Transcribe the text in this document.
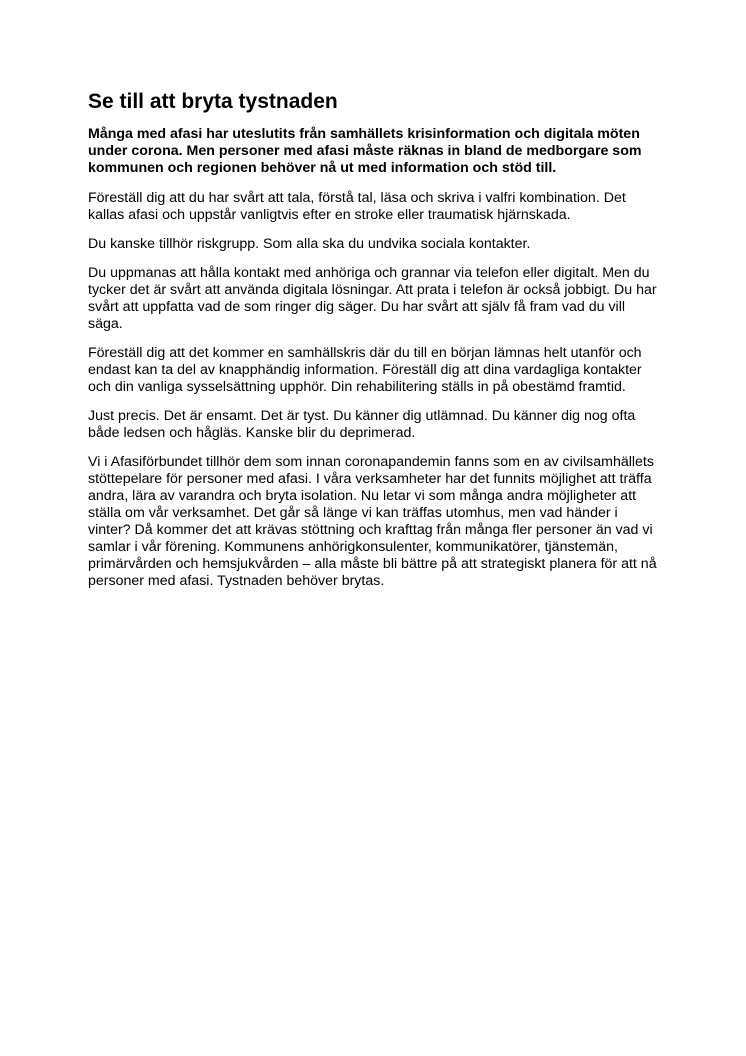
Se till att bryta tystnaden

Många med afasi har uteslutits från samhällets krisinformation och digitala möten under corona. Men personer med afasi måste räknas in bland de medborgare som kommunen och regionen behöver nå ut med information och stöd till.

Föreställ dig att du har svårt att tala, förstå tal, läsa och skriva i valfri kombination. Det kallas afasi och uppstår vanligtvis efter en stroke eller traumatisk hjärnskada.

Du kanske tillhör riskgrupp. Som alla ska du undvika sociala kontakter.

Du uppmanas att hålla kontakt med anhöriga och grannar via telefon eller digitalt. Men du tycker det är svårt att använda digitala lösningar. Att prata i telefon är också jobbigt. Du har svårt att uppfatta vad de som ringer dig säger. Du har svårt att själv få fram vad du vill säga.

Föreställ dig att det kommer en samhällskris där du till en början lämnas helt utanför och endast kan ta del av knapphändig information. Föreställ dig att dina vardagliga kontakter och din vanliga sysselsättning upphör. Din rehabilitering ställs in på obestämd framtid.

Just precis. Det är ensamt. Det är tyst. Du känner dig utlämnad. Du känner dig nog ofta både ledsen och hågläs. Kanske blir du deprimerad.

Vi i Afasiförbundet tillhör dem som innan coronapandemin fanns som en av civilsamhällets stöttepelare för personer med afasi. I våra verksamheter har det funnits möjlighet att träffa andra, lära av varandra och bryta isolation. Nu letar vi som många andra möjligheter att ställa om vår verksamhet. Det går så länge vi kan träffas utomhus, men vad händer i vinter? Då kommer det att krävas stöttning och krafttag från många fler personer än vad vi samlar i vår förening. Kommunens anhörigkonsulenter, kommunikatörer, tjänstemän, primärvården och hemsjukvården – alla måste bli bättre på att strategiskt planera för att nå personer med afasi. Tystnaden behöver brytas.
